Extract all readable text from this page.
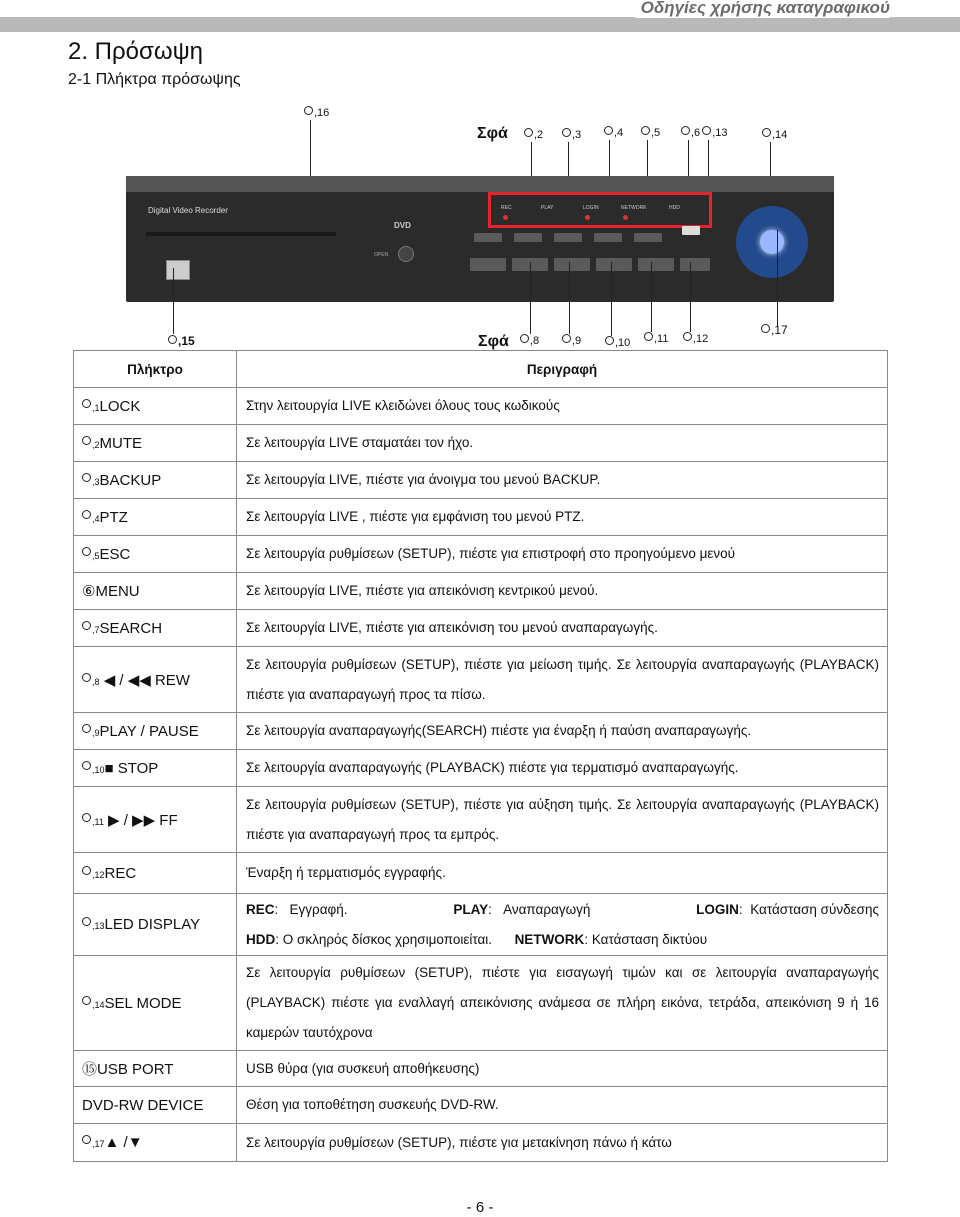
Οδηγίες χρήσης καταγραφικού
2. Πρόσωψη
2-1 Πλήκτρα πρόσωψης
,16
Σφά	,2	,3	,4	,5	,6 ,13	,14
Digital Video Recorder
DVD
OPEN
REC	PLAY	LOGIN	NETWORK	HDD
,15	Σφά	,8	,9	,10	,11	,12
,17
Πλήκτρο	Περιγραφή
,1LOCK	Στην λειτουργία LIVE κλειδώνει όλους τους κωδικούς
,2MUTE	Σε λειτουργία LIVE σταματάει τον ήχο.
,3BACKUP	Σε λειτουργία LIVE, πιέστε για άνοιγμα του μενού BACKUP.
,4PTZ	Σε λειτουργία LIVE , πιέστε για εμφάνιση του μενού PTZ.
,5ESC	Σε λειτουργία ρυθμίσεων (SETUP), πιέστε για επιστροφή στο προηγούμενο μενού
⑥MENU	Σε λειτουργία LIVE, πιέστε για απεικόνιση κεντρικού μενού.
,7SEARCH	Σε λειτουργία LIVE, πιέστε για απεικόνιση του μενού αναπαραγωγής.
,8 ◀ / ◀◀ REW	Σε λειτουργία ρυθμίσεων (SETUP), πιέστε για μείωση τιμής. Σε λειτουργία αναπαραγωγής (PLAYBACK) πιέστε για αναπαραγωγή προς τα πίσω.
,9PLAY / PAUSE	Σε λειτουργία αναπαραγωγής(SEARCH) πιέστε για έναρξη ή παύση αναπαραγωγής.
,10■ STOP	Σε λειτουργία αναπαραγωγής (PLAYBACK) πιέστε για τερματισμό αναπαραγωγής.
,11 ▶ / ▶▶ FF	Σε λειτουργία ρυθμίσεων (SETUP), πιέστε για αύξηση τιμής. Σε λειτουργία αναπαραγωγής (PLAYBACK) πιέστε για αναπαραγωγή προς τα εμπρός.
,12REC	Έναρξη ή τερματισμός εγγραφής.
,13LED DISPLAY	REC:   Εγγραφή. PLAY:   Αναπαραγωγή LOGIN:  Κατάσταση σύνδεσης
HDD: Ο σκληρός δίσκος χρησιμοποιείται. NETWORK: Κατάσταση δικτύου

,14SEL MODE	Σε λειτουργία ρυθμίσεων (SETUP), πιέστε για εισαγωγή τιμών και σε λειτουργία αναπαραγωγής (PLAYBACK) πιέστε για εναλλαγή απεικόνισης ανάμεσα σε πλήρη εικόνα, τετράδα, απεικόνιση 9 ή 16 καμερών ταυτόχρονα
⑮USB PORT	USB θύρα (για συσκευή αποθήκευσης)
DVD-RW DEVICE	Θέση για τοποθέτηση συσκευής DVD-RW.
,17▲ /▼	Σε λειτουργία ρυθμίσεων (SETUP), πιέστε για μετακίνηση πάνω ή κάτω
- 6 -
